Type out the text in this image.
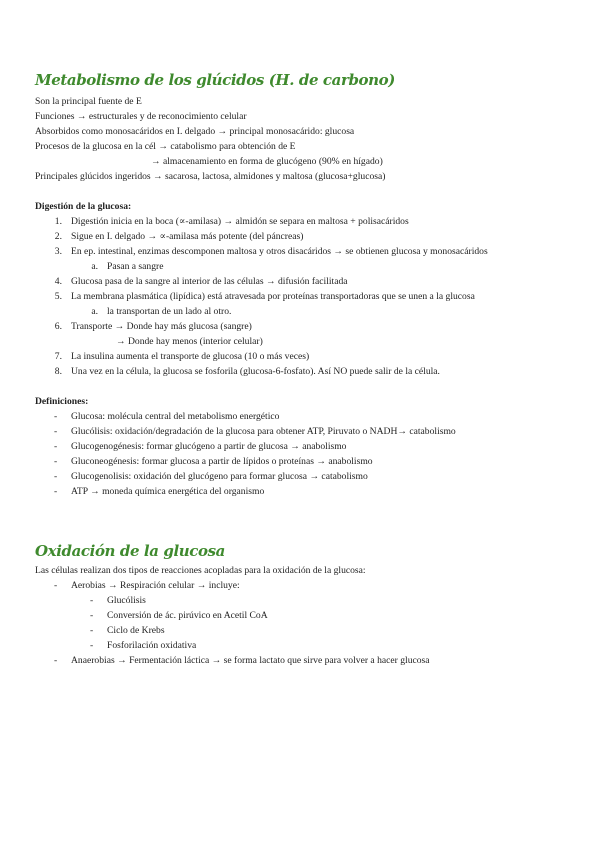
Metabolismo de los glúcidos (H. de carbono)
Son la principal fuente de E
Funciones → estructurales y de reconocimiento celular
Absorbidos como monosacáridos en I. delgado → principal monosacárido: glucosa
Procesos de la glucosa en la cél → catabolismo para obtención de E
→ almacenamiento en forma de glucógeno (90% en hígado)
Principales glúcidos ingeridos → sacarosa, lactosa, almidones y maltosa (glucosa+glucosa)
Digestión de la glucosa:
1. Digestión inicia en la boca (∝-amilasa) → almidón se separa en maltosa + polisacáridos
2. Sigue en I. delgado → ∝-amilasa más potente (del páncreas)
3. En ep. intestinal, enzimas descomponen maltosa y otros disacáridos → se obtienen glucosa y monosacáridos
a. Pasan a sangre
4. Glucosa pasa de la sangre al interior de las células → difusión facilitada
5. La membrana plasmática (lipídica) está atravesada por proteínas transportadoras que se unen a la glucosa
a. la transportan de un lado al otro.
6. Transporte → Donde hay más glucosa (sangre)
→ Donde hay menos (interior celular)
7. La insulina aumenta el transporte de glucosa (10 o más veces)
8. Una vez en la célula, la glucosa se fosforila (glucosa-6-fosfato). Así NO puede salir de la célula.
Definiciones:
- Glucosa: molécula central del metabolismo energético
- Glucólisis: oxidación/degradación de la glucosa para obtener ATP, Piruvato o NADH→ catabolismo
- Glucogenogénesis: formar glucógeno a partir de glucosa → anabolismo
- Gluconeogénesis: formar glucosa a partir de lípidos o proteínas → anabolismo
- Glucogenolisis: oxidación del glucógeno para formar glucosa → catabolismo
- ATP → moneda química energética del organismo
Oxidación de la glucosa
Las células realizan dos tipos de reacciones acopladas para la oxidación de la glucosa:
- Aerobias → Respiración celular → incluye:
- Glucólisis
- Conversión de ác. pirúvico en Acetil CoA
- Ciclo de Krebs
- Fosforilación oxidativa
- Anaerobias → Fermentación láctica → se forma lactato que sirve para volver a hacer glucosa
